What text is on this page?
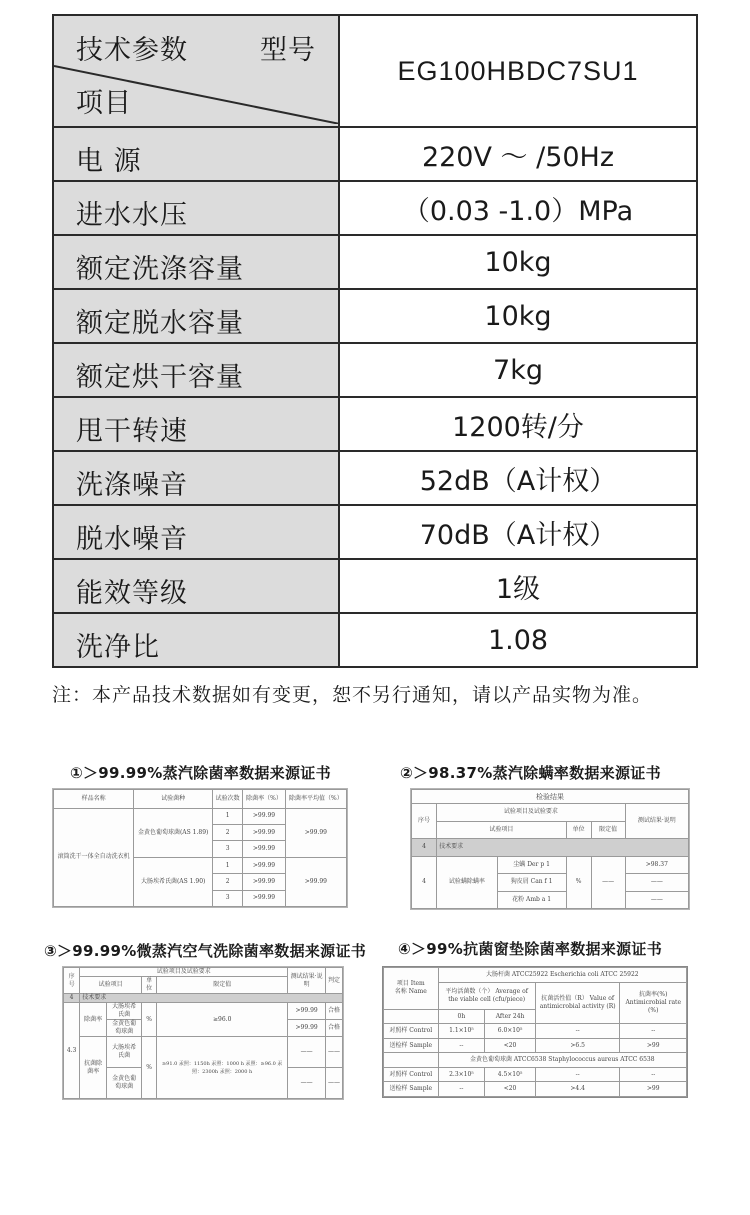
技术参数 型号
项目	EG100HBDC7SU1
电 源	220V ～ /50Hz
进水水压	（0.03 -1.0）MPa
额定洗涤容量	10kg
额定脱水容量	10kg
额定烘干容量	7kg
甩干转速	1200转/分
洗涤噪音	52dB（A计权）
脱水噪音	70dB（A计权）
能效等级	1级
洗净比	1.08

注：本产品技术数据如有变更，恕不另行通知，请以产品实物为准。

①＞99.99%蒸汽除菌率数据来源证书
样品名称	试验菌种	试验次数	除菌率（%）	除菌率平均值（%）
滚筒洗干一体全自动洗衣机	金黄色葡萄球菌(AS 1.89)	1	>99.99	>99.99
		2	>99.99	
		3	>99.99	
	大肠埃希氏菌(AS 1.90)	1	>99.99	>99.99
		2	>99.99	
		3	>99.99	
②＞98.37%蒸汽除螨率数据来源证书
检验结果					
序号	试验项目及试验要求				测试结果·说明
	试验项目		单位	限定值	
4	技术要求				
4	试验螨除螨率	尘螨 Der p 1	%	——	>98.37
		狗皮屑 Can f 1			——
		花粉 Amb a 1			——
③＞99.99%微蒸汽空气洗除菌率数据来源证书
序号	试验项目及试验要求				测试结果·说明	判定
	试验项目		单位	限定值		
4	技术要求					
4.3	除菌率	大肠埃希氏菌	%	≥96.0	>99.99	合格
		金黄色葡萄球菌			>99.99	合格
	抗菌除菌率	大肠埃希氏菌	%	≥91.0 汞照：1150h 汞照：1000 h 汞照：≥96.0 汞照：2300h 汞照：2000 h	——	——
		金黄色葡萄球菌			——	——
④＞99%抗菌窗垫除菌率数据来源证书
项目 Item
名称 Name	大肠杆菌 ATCC25922 Escherichia coli ATCC 25922			
	平均活菌数（个） Average of the viable cell (cfu/piece)		抗菌活性值（R） Value of antimicrobial activity (R)	抗菌率(%) Antimicrobial rate (%)
	0h	After 24h		
对照样 Control	1.1×10⁵	6.0×10⁵	--	--
送检样 Sample	--	<20	>6.5	>99
	金黄色葡萄球菌 ATCC6538 Staphylococcus aureus ATCC 6538			
对照样 Control	2.3×10⁵	4.5×10⁵	--	--
送检样 Sample	--	<20	>4.4	>99
